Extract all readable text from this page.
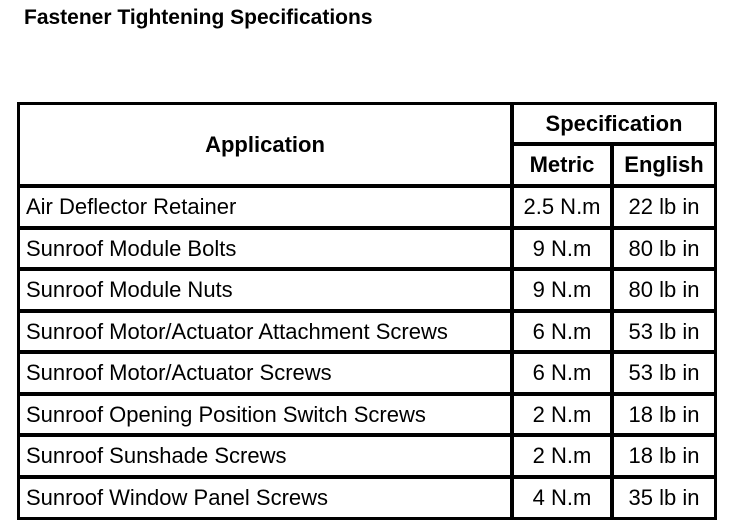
Fastener Tightening Specifications
Application
Specification
Metric	English
Air Deflector Retainer	2.5 N.m	22 lb in
Sunroof Module Bolts	9 N.m	80 lb in
Sunroof Module Nuts	9 N.m	80 lb in
Sunroof Motor/Actuator Attachment Screws	6 N.m	53 lb in
Sunroof Motor/Actuator Screws	6 N.m	53 lb in
Sunroof Opening Position Switch Screws	2 N.m	18 lb in
Sunroof Sunshade Screws	2 N.m	18 lb in
Sunroof Window Panel Screws	4 N.m	35 lb in
